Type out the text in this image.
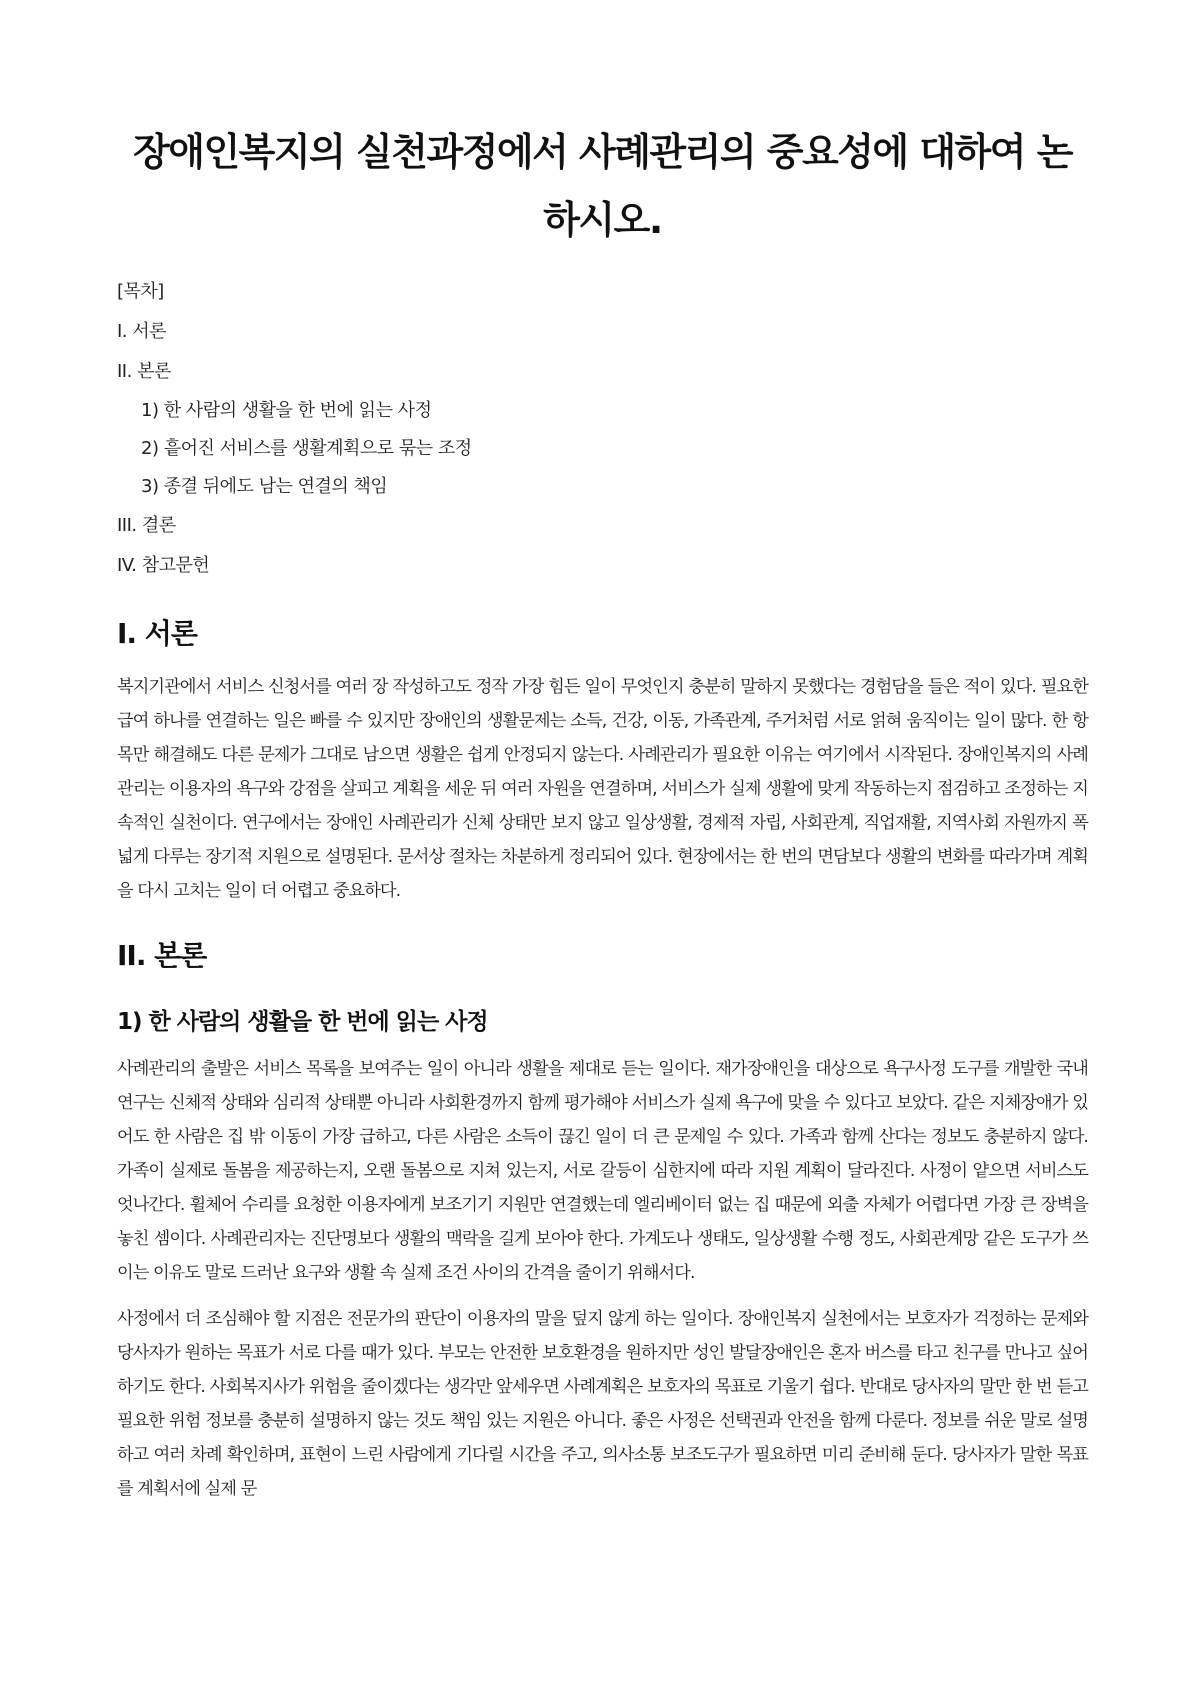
장애인복지의 실천과정에서 사례관리의 중요성에 대하여 논하시오.
[목차]
I. 서론
II. 본론
1) 한 사람의 생활을 한 번에 읽는 사정
2) 흩어진 서비스를 생활계획으로 묶는 조정
3) 종결 뒤에도 남는 연결의 책임
III. 결론
IV. 참고문헌
I. 서론

복지기관에서 서비스 신청서를 여러 장 작성하고도 정작 가장 힘든 일이 무엇인지 충분히 말하지 못했다는 경험담을 들은 적이 있다. 필요한 급여 하나를 연결하는 일은 빠를 수 있지만 장애인의 생활문제는 소득, 건강, 이동, 가족관계, 주거처럼 서로 얽혀 움직이는 일이 많다. 한 항목만 해결해도 다른 문제가 그대로 남으면 생활은 쉽게 안정되지 않는다. 사례관리가 필요한 이유는 여기에서 시작된다. 장애인복지의 사례관리는 이용자의 욕구와 강점을 살피고 계획을 세운 뒤 여러 자원을 연결하며, 서비스가 실제 생활에 맞게 작동하는지 점검하고 조정하는 지속적인 실천이다. 연구에서는 장애인 사례관리가 신체 상태만 보지 않고 일상생활, 경제적 자립, 사회관계, 직업재활, 지역사회 자원까지 폭넓게 다루는 장기적 지원으로 설명된다. 문서상 절차는 차분하게 정리되어 있다. 현장에서는 한 번의 면담보다 생활의 변화를 따라가며 계획을 다시 고치는 일이 더 어렵고 중요하다.

II. 본론
1) 한 사람의 생활을 한 번에 읽는 사정

사례관리의 출발은 서비스 목록을 보여주는 일이 아니라 생활을 제대로 듣는 일이다. 재가장애인을 대상으로 욕구사정 도구를 개발한 국내 연구는 신체적 상태와 심리적 상태뿐 아니라 사회환경까지 함께 평가해야 서비스가 실제 욕구에 맞을 수 있다고 보았다. 같은 지체장애가 있어도 한 사람은 집 밖 이동이 가장 급하고, 다른 사람은 소득이 끊긴 일이 더 큰 문제일 수 있다. 가족과 함께 산다는 정보도 충분하지 않다. 가족이 실제로 돌봄을 제공하는지, 오랜 돌봄으로 지쳐 있는지, 서로 갈등이 심한지에 따라 지원 계획이 달라진다. 사정이 얕으면 서비스도 엇나간다. 휠체어 수리를 요청한 이용자에게 보조기기 지원만 연결했는데 엘리베이터 없는 집 때문에 외출 자체가 어렵다면 가장 큰 장벽을 놓친 셈이다. 사례관리자는 진단명보다 생활의 맥락을 길게 보아야 한다. 가계도나 생태도, 일상생활 수행 정도, 사회관계망 같은 도구가 쓰이는 이유도 말로 드러난 요구와 생활 속 실제 조건 사이의 간격을 줄이기 위해서다.

사정에서 더 조심해야 할 지점은 전문가의 판단이 이용자의 말을 덮지 않게 하는 일이다. 장애인복지 실천에서는 보호자가 걱정하는 문제와 당사자가 원하는 목표가 서로 다를 때가 있다. 부모는 안전한 보호환경을 원하지만 성인 발달장애인은 혼자 버스를 타고 친구를 만나고 싶어하기도 한다. 사회복지사가 위험을 줄이겠다는 생각만 앞세우면 사례계획은 보호자의 목표로 기울기 쉽다. 반대로 당사자의 말만 한 번 듣고 필요한 위험 정보를 충분히 설명하지 않는 것도 책임 있는 지원은 아니다. 좋은 사정은 선택권과 안전을 함께 다룬다. 정보를 쉬운 말로 설명하고 여러 차례 확인하며, 표현이 느린 사람에게 기다릴 시간을 주고, 의사소통 보조도구가 필요하면 미리 준비해 둔다. 당사자가 말한 목표를 계획서에 실제 문
